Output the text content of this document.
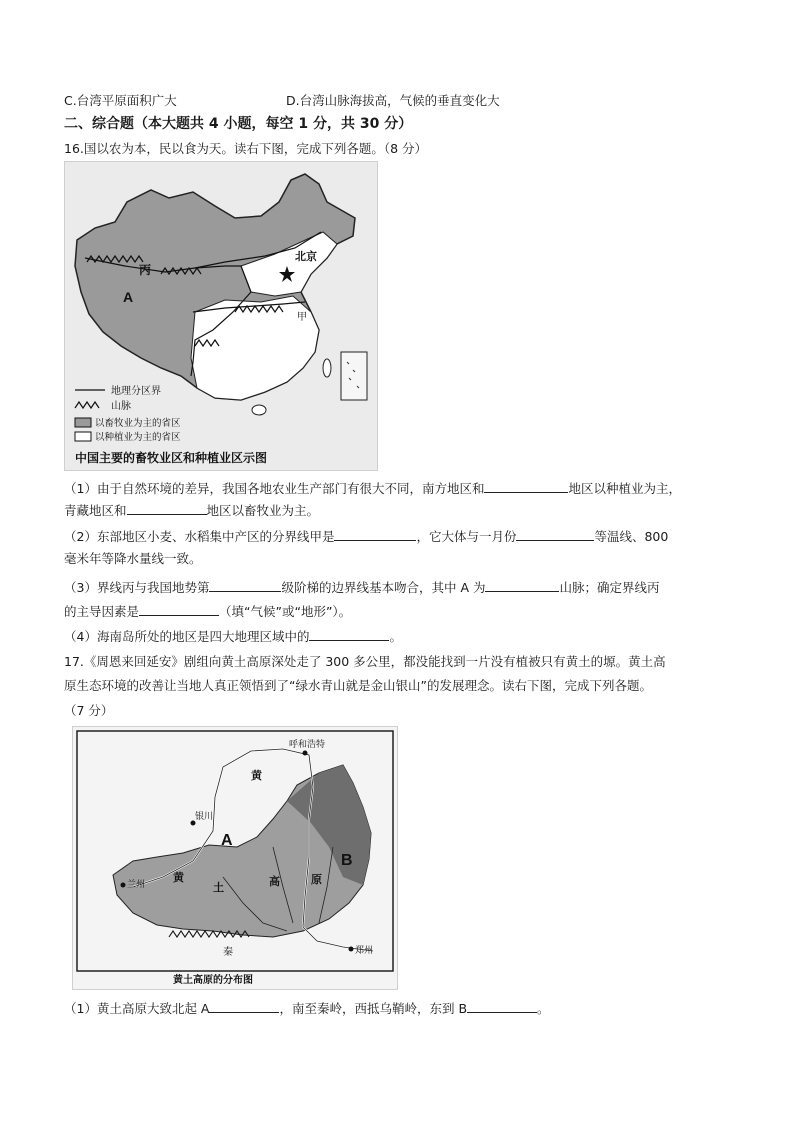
C.台湾平原面积广大	D.台湾山脉海拔高，气候的垂直变化大
二、综合题（本大题共 4 小题，每空 1 分，共 30 分）
16.国以农为本，民以食为天。读右下图，完成下列各题。（8 分）
丙
A
甲
北京
地理分区界
山脉
以畜牧业为主的省区
以种植业为主的省区
中国主要的畜牧业区和种植业区示图
（1）由于自然环境的差异，我国各地农业生产部门有很大不同，南方地区和	地区以种植业为主，
青藏地区和	地区以畜牧业为主。
（2）东部地区小麦、水稻集中产区的分界线甲是	，它大体与一月份	等温线、800
毫米年等降水量线一致。
（3）界线丙与我国地势第	级阶梯的边界线基本吻合，其中 A 为	山脉；确定界线丙
的主导因素是	（填“气候”或“地形”）。
（4）海南岛所处的地区是四大地理区域中的	。
17.《周恩来回延安》剧组向黄土高原深处走了 300 多公里，都没能找到一片没有植被只有黄土的塬。黄土高
原生态环境的改善让当地人真正领悟到了“绿水青山就是金山银山”的发展理念。读右下图，完成下列各题。
（7 分）
呼和浩特
银川
兰州
郑州
黄
A
B
黄
土	高	原
秦
黄土高原的分布图
（1）黄土高原大致北起 A	，南至秦岭，西抵乌鞘岭，东到 B	。
